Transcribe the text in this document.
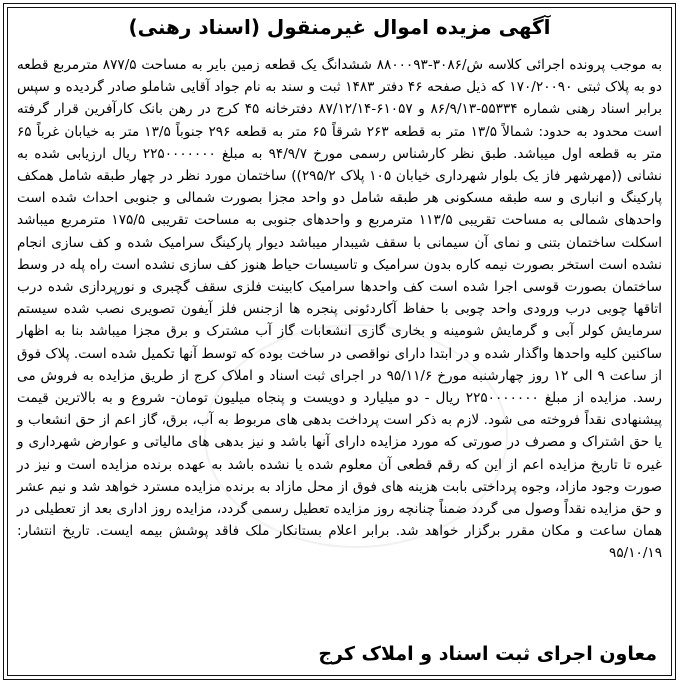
آگهی مزیده اموال غیرمنقول (اسناد رهنی)
به موجب پرونده اجرائی کلاسه ش/۳۰۸۶-۸۸۰۰۰۹۳ ششدانگ یک قطعه زمین بایر به مساحت ۸۷۷/۵ مترمربع قطعه دو به پلاک ثبتی ۱۷۰/۲۰۰۹۰ که ذیل صفحه ۴۶ دفتر ۱۴۸۳ ثبت و سند به نام جواد آقایی شاملو صادر گردیده و سپس برابر اسناد رهنی شماره ۵۵۳۳۴-۸۶/۹/۱۳ و ۶۱۰۵۷-۸۷/۱۲/۱۴ دفترخانه ۴۵ کرج در رهن بانک کارآفرین قرار گرفته است محدود به حدود: شمالاً ۱۳/۵ متر به قطعه ۲۶۳ شرقاً ۶۵ متر به قطعه ۲۹۶ جنوباً ۱۳/۵ متر به خیابان غرباً ۶۵ متر به قطعه اول میباشد. طبق نظر کارشناس رسمی مورخ ۹۴/۹/۷ به مبلغ ۲۲۵۰۰۰۰۰۰۰ ریال ارزیابی شده به نشانی ((مهرشهر فاز یک بلوار شهرداری خیابان ۱۰۵ پلاک ۲۹۵/۲)) ساختمان مورد نظر در چهار طبقه شامل همکف پارکینگ و انباری و سه طبقه مسکونی هر طبقه شامل دو واحد مجزا بصورت شمالی و جنوبی احداث شده است واحدهای شمالی به مساحت تقریبی ۱۱۳/۵ مترمربع و واحدهای جنوبی به مساحت تقریبی ۱۷۵/۵ مترمربع میباشد اسکلت ساختمان بتنی و نمای آن سیمانی با سقف شیبدار میباشد دیوار پارکینگ سرامیک شده و کف سازی انجام نشده است استخر بصورت نیمه کاره بدون سرامیک و تاسیسات حیاط هنوز کف سازی نشده است راه پله در وسط ساختمان بصورت قوسی اجرا شده است کف واحدها سرامیک کابینت فلزی سقف گچبری و نورپردازی شده درب اتاقها چوبی درب ورودی واحد چوبی با حفاظ آکاردئونی پنجره ها ازجنس فلز آیفون تصویری نصب شده سیستم سرمایش کولر آبی و گرمایش شومینه و بخاری گازی انشعابات گاز آب مشترک و برق مجزا میباشد بنا به اظهار ساکنین کلیه واحدها واگذار شده و در ابتدا دارای نواقصی در ساخت بوده که توسط آنها تکمیل شده است. پلاک فوق از ساعت ۹ الی ۱۲ روز چهارشنبه مورخ ۹۵/۱۱/۶ در اجرای ثبت اسناد و املاک کرج از طریق مزایده به فروش می رسد. مزایده از مبلغ ۲۲۵۰۰۰۰۰۰۰ ریال - دو میلیارد و دویست و پنجاه میلیون تومان- شروع و به بالاترین قیمت پیشنهادی نقداً فروخته می شود. لازم به ذکر است پرداخت بدهی های مربوط به آب، برق، گاز اعم از حق انشعاب و یا حق اشتراک و مصرف در صورتی که مورد مزایده دارای آنها باشد و نیز بدهی های مالیاتی و عوارض شهرداری و غیره تا تاریخ مزایده اعم از این که رقم قطعی آن معلوم شده یا نشده باشد به عهده برنده مزایده است و نیز در صورت وجود مازاد، وجوه پرداختی بابت هزینه های فوق از محل مازاد به برنده مزایده مسترد خواهد شد و نیم عشر و حق مزایده نقداً وصول می گردد ضمناً چنانچه روز مزایده تعطیل رسمی گردد، مزایده روز اداری بعد از تعطیلی در همان ساعت و مکان مقرر برگزار خواهد شد. برابر اعلام بستانکار ملک فاقد پوشش بیمه ایست. تاریخ انتشار: ۹۵/۱۰/۱۹
معاون اجرای ثبت اسناد و املاک کرج
